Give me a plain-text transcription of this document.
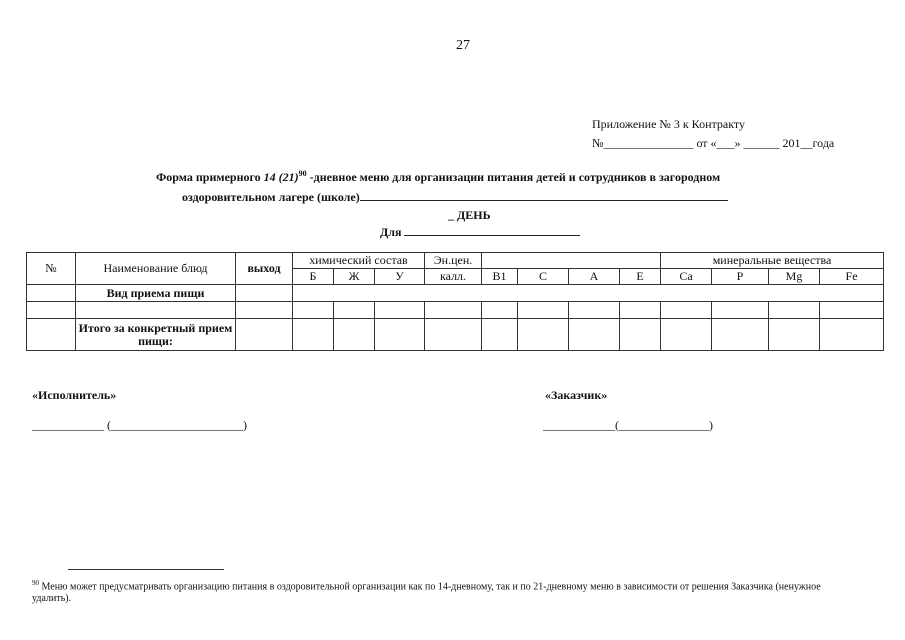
27
Приложение № 3 к Контракту
№_______________ от «___» ______ 201__года
Форма примерного 14 $(21)^{90}$ -дневное меню для организации питания детей и сотрудников в загородном
оздоровительном лагере (школе)
_ ДЕНЬ
Для
№	Наименование блюд	выход	химический состав			Эн.цен.					минеральные вещества			
			Б	Ж	У	калл.	B1	C	A	E	Ca	P	Mg	Fe
	Вид приема пищи													

	Итого за конкретный прием пищи:													
«Исполнитель»	«Заказчик»
____________ (______________________)	____________(_______________)
$^{90}$ Меню может предусматривать организацию питания в оздоровительной организации как по 14-дневному, так и по 21-дневному меню в зависимости от решения Заказчика (ненужное удалить).
